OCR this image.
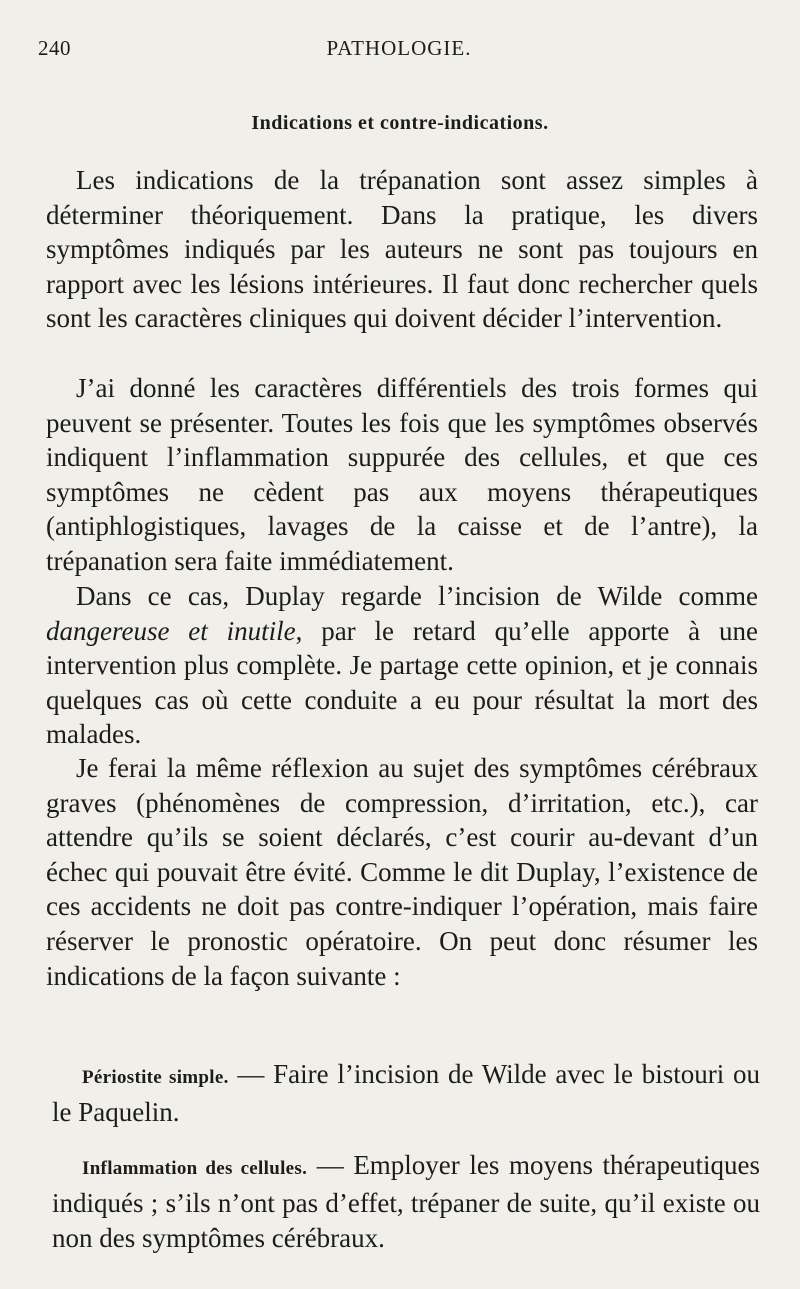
240	PATHOLOGIE.
Indications et contre-indications.

Les indications de la trépanation sont assez simples à déterminer théoriquement. Dans la pratique, les divers symptômes indiqués par les auteurs ne sont pas toujours en rapport avec les lésions intérieures. Il faut donc rechercher quels sont les caractères cliniques qui doivent décider l’intervention.

J’ai donné les caractères différentiels des trois formes qui peuvent se présenter. Toutes les fois que les symptômes observés indiquent l’inflammation suppurée des cellules, et que ces symptômes ne cèdent pas aux moyens thérapeutiques (antiphlogistiques, lavages de la caisse et de l’antre), la trépanation sera faite immédiatement.

Dans ce cas, Duplay regarde l’incision de Wilde comme dangereuse et inutile, par le retard qu’elle apporte à une intervention plus complète. Je partage cette opinion, et je connais quelques cas où cette conduite a eu pour résultat la mort des malades.

Je ferai la même réflexion au sujet des symptômes cérébraux graves (phénomènes de compression, d’irritation, etc.), car attendre qu’ils se soient déclarés, c’est courir au-devant d’un échec qui pouvait être évité. Comme le dit Duplay, l’existence de ces accidents ne doit pas contre-indiquer l’opération, mais faire réserver le pronostic opératoire. On peut donc résumer les indications de la façon suivante :

Périostite simple. — Faire l’incision de Wilde avec le bistouri ou le Paquelin.

Inflammation des cellules. — Employer les moyens thérapeutiques indiqués ; s’ils n’ont pas d’effet, trépaner de suite, qu’il existe ou non des symptômes cérébraux.
